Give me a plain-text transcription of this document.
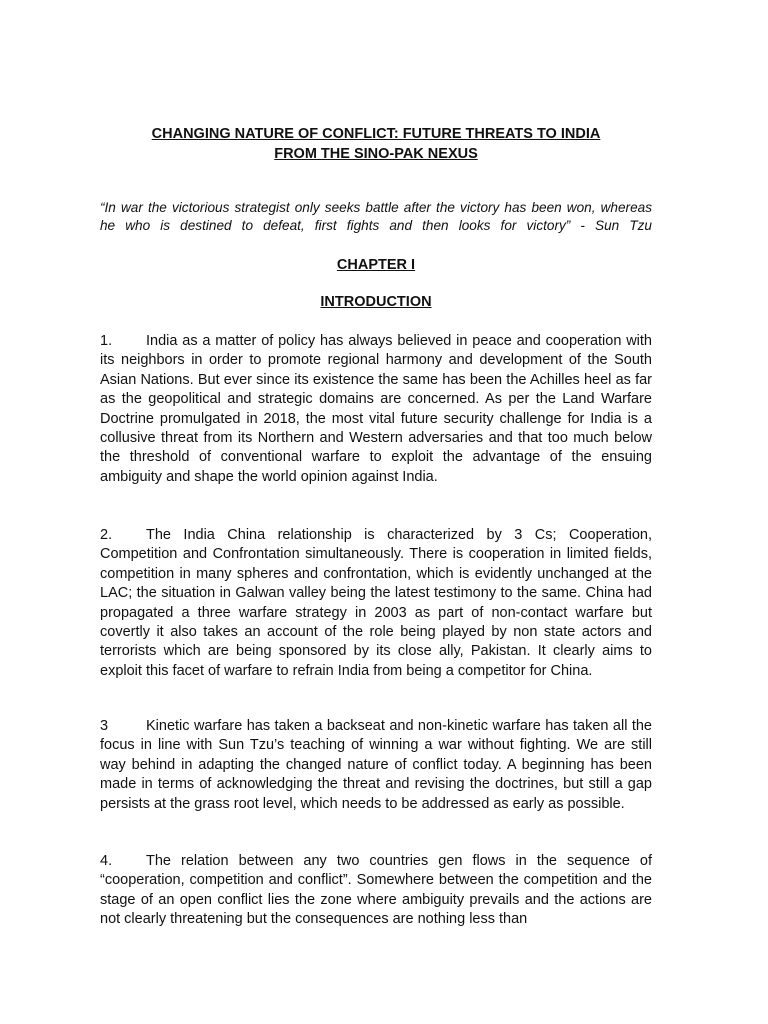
CHANGING NATURE OF CONFLICT: FUTURE THREATS TO INDIA
FROM THE SINO-PAK NEXUS
“In war the victorious strategist only seeks battle after the victory has been won, whereas he who is destined to defeat, first fights and then looks for victory” - Sun Tzu
CHAPTER I
INTRODUCTION

1. India as a matter of policy has always believed in peace and cooperation with its neighbors in order to promote regional harmony and development of the South Asian Nations. But ever since its existence the same has been the Achilles heel as far as the geopolitical and strategic domains are concerned. As per the Land Warfare Doctrine promulgated in 2018, the most vital future security challenge for India is a collusive threat from its Northern and Western adversaries and that too much below the threshold of conventional warfare to exploit the advantage of the ensuing ambiguity and shape the world opinion against India.

2. The India China relationship is characterized by 3 Cs; Cooperation, Competition and Confrontation simultaneously. There is cooperation in limited fields, competition in many spheres and confrontation, which is evidently unchanged at the LAC; the situation in Galwan valley being the latest testimony to the same. China had propagated a three warfare strategy in 2003 as part of non-contact warfare but covertly it also takes an account of the role being played by non state actors and terrorists which are being sponsored by its close ally, Pakistan. It clearly aims to exploit this facet of warfare to refrain India from being a competitor for China.

3	Kinetic warfare has taken a backseat and non-kinetic warfare has taken all the focus in line with Sun Tzu’s teaching of winning a war without fighting. We are still way behind in adapting the changed nature of conflict today. A beginning has been made in terms of acknowledging the threat and revising the doctrines, but still a gap persists at the grass root level, which needs to be addressed as early as possible.

4. The relation between any two countries gen flows in the sequence of “cooperation, competition and conflict”. Somewhere between the competition and the stage of an open conflict lies the zone where ambiguity prevails and the actions are not clearly threatening but the consequences are nothing less than
